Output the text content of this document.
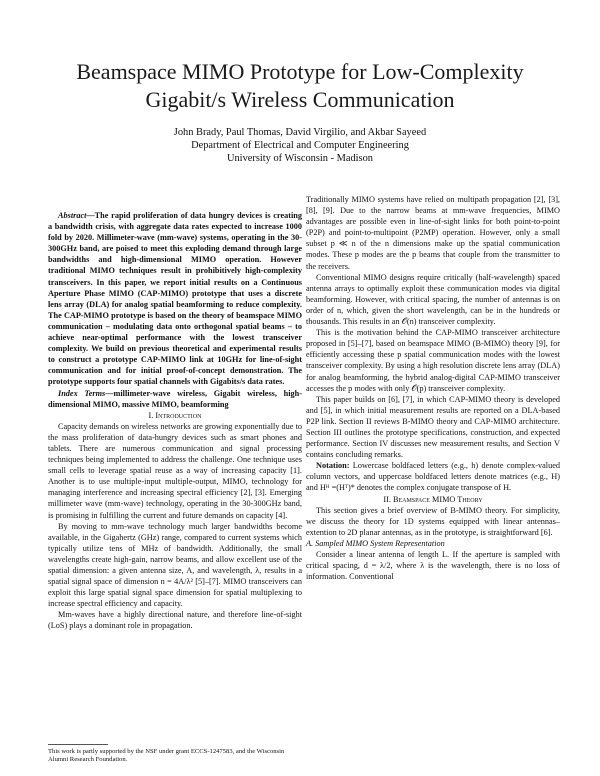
Beamspace MIMO Prototype for Low-Complexity
Gigabit/s Wireless Communication
John Brady, Paul Thomas, David Virgilio, and Akbar Sayeed
Department of Electrical and Computer Engineering
University of Wisconsin - Madison

Abstract—The rapid proliferation of data hungry devices is creating a bandwidth crisis, with aggregate data rates expected to increase 1000 fold by 2020. Millimeter-wave (mm-wave) systems, operating in the 30-300GHz band, are poised to meet this exploding demand through large bandwidths and high-dimensional MIMO operation. However traditional MIMO techniques result in prohibitively high-complexity transceivers. In this paper, we report initial results on a Continuous Aperture Phase MIMO (CAP-MIMO) prototype that uses a discrete lens array (DLA) for analog spatial beamforming to reduce complexity. The CAP-MIMO prototype is based on the theory of beamspace MIMO communication – modulating data onto orthogonal spatial beams – to achieve near-optimal performance with the lowest transceiver complexity. We build on previous theoretical and experimental results to construct a prototype CAP-MIMO link at 10GHz for line-of-sight communication and for initial proof-of-concept demonstration. The prototype supports four spatial channels with Gigabits/s data rates.

Index Terms—millimeter-wave wireless, Gigabit wireless, high-dimensional MIMO, massive MIMO, beamforming

I. Introduction

Capacity demands on wireless networks are growing exponentially due to the mass proliferation of data-hungry devices such as smart phones and tablets. There are numerous communication and signal processing techniques being implemented to address the challenge. One technique uses small cells to leverage spatial reuse as a way of increasing capacity [1]. Another is to use multiple-input multiple-output, MIMO, technology for managing interference and increasing spectral efficiency [2], [3]. Emerging millimeter wave (mm-wave) technology, operating in the 30-300GHz band, is promising in fulfilling the current and future demands on capacity [4].

By moving to mm-wave technology much larger bandwidths become available, in the Gigahertz (GHz) range, compared to current systems which typically utilize tens of MHz of bandwidth. Additionally, the small wavelengths create high-gain, narrow beams, and allow excellent use of the spatial dimension: a given antenna size, A, and wavelength, λ, results in a spatial signal space of dimension n = 4A/λ² [5]–[7]. MIMO transceivers can exploit this large spatial signal space dimension for spatial multiplexing to increase spectral efficiency and capacity.

Mm-waves have a highly directional nature, and therefore line-of-sight (LoS) plays a dominant role in propagation.

This work is partly supported by the NSF under grant ECCS-1247583, and the Wisconsin Alumni Research Foundation.

Traditionally MIMO systems have relied on multipath propagation [2], [3], [8], [9]. Due to the narrow beams at mm-wave frequencies, MIMO advantages are possible even in line-of-sight links for both point-to-point (P2P) and point-to-multipoint (P2MP) operation. However, only a small subset p ≪ n of the n dimensions make up the spatial communication modes. These p modes are the p beams that couple from the transmitter to the receivers.

Conventional MIMO designs require critically (half-wavelength) spaced antenna arrays to optimally exploit these communication modes via digital beamforming. However, with critical spacing, the number of antennas is on order of n, which, given the short wavelength, can be in the hundreds or thousands. This results in an 𝒪(n) transceiver complexity.

This is the motivation behind the CAP-MIMO transceiver architecture proposed in [5]–[7], based on beamspace MIMO (B-MIMO) theory [9], for efficiently accessing these p spatial communication modes with the lowest transceiver complexity. By using a high resolution discrete lens array (DLA) for analog beamforming, the hybrid analog-digital CAP-MIMO transceiver accesses the p modes with only 𝒪(p) transceiver complexity.

This paper builds on [6], [7], in which CAP-MIMO theory is developed and [5], in which initial measurement results are reported on a DLA-based P2P link. Section II reviews B-MIMO theory and CAP-MIMO architecture. Section III outlines the prototype specifications, construction, and expected performance. Section IV discusses new measurement results, and Section V contains concluding remarks.

Notation: Lowercase boldfaced letters (e.g., h) denote complex-valued column vectors, and uppercase boldfaced letters denote matrices (e.g., H) and Hᴴ =(Hᵀ)* denotes the complex conjugate transpose of H.

II. Beamspace MIMO Theory

This section gives a brief overview of B-MIMO theory. For simplicity, we discuss the theory for 1D systems equipped with linear antennas–extention to 2D planar antennas, as in the prototype, is straightforward [6].

A. Sampled MIMO System Representation

Consider a linear antenna of length L. If the aperture is sampled with critical spacing, d = λ/2, where λ is the wavelength, there is no loss of information. Conventional
